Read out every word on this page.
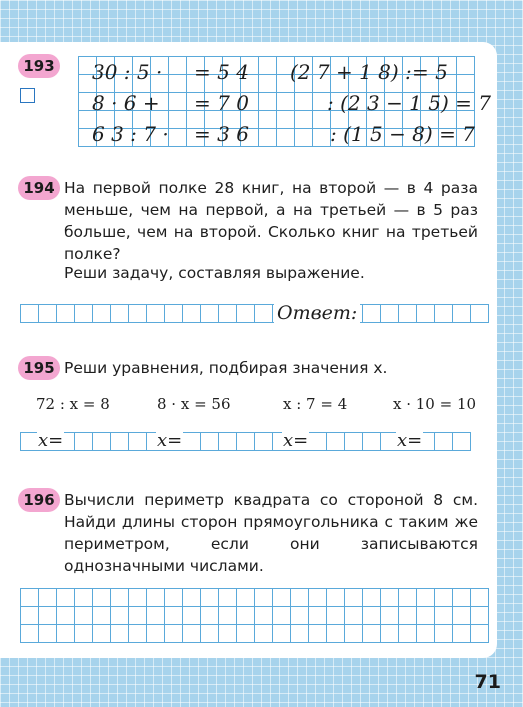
193 30 : 5 · = 5 4 (2 7 + 1 8) : = 5
8 · 6 + = 7 0	: (2 3 − 1 5) = 7
6 3 : 7 · = 3 6	: (1 5 − 8) = 7
194 На первой полке 28 книг, на второй — в 4 раза меньше, чем на первой, а на третьей — в 5 раз больше, чем на второй. Сколько книг на третьей полке?
Реши задачу, составляя выражение.
Ответ:
195 Реши уравнения, подбирая значения x.
72 : x = 8	8 · x = 56	x : 7 = 4	x · 10 = 10
x=	x=	x=	x=
196 Вычисли периметр квадрата со стороной 8 см. Найди длины сторон прямоугольника с таким же периметром, если они записываются однозначными числами.
71
